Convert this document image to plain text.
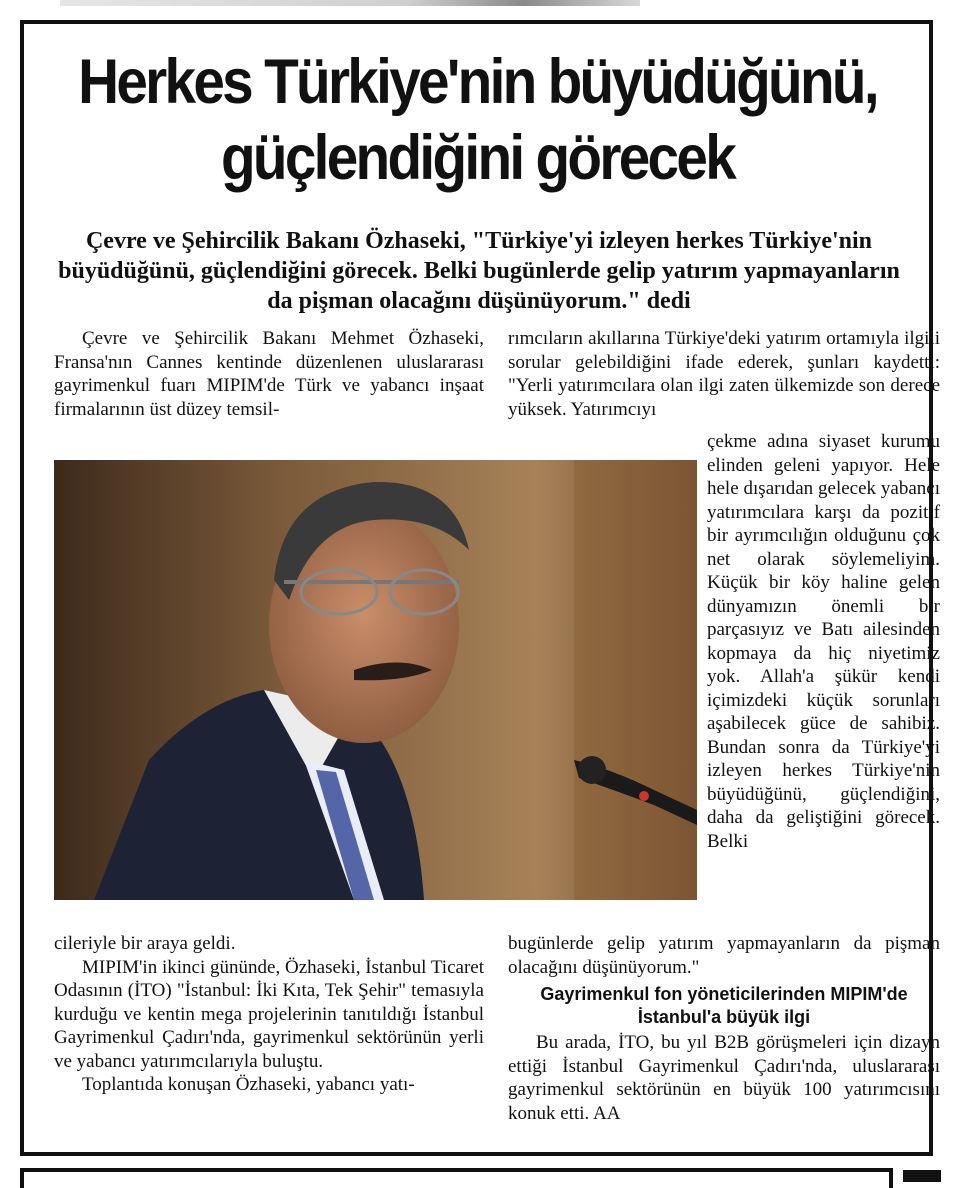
Herkes Türkiye'nin büyüdüğünü, güçlendiğini görecek
Çevre ve Şehircilik Bakanı Özhaseki, "Türkiye'yi izleyen herkes Türkiye'nin büyüdüğünü, güçlendiğini görecek. Belki bugünlerde gelip yatırım yapmayanların da pişman olacağını düşünüyorum." dedi

Çevre ve Şehircilik Bakanı Mehmet Özhaseki, Fransa'nın Cannes kentinde düzenlenen uluslararası gayrimenkul fuarı MIPIM'de Türk ve yabancı inşaat firmalarının üst düzey temsil-

rımcıların akıllarına Türkiye'deki yatırım ortamıyla ilgili sorular gelebildiğini ifade ederek, şunları kaydetti: "Yerli yatırımcılara olan ilgi zaten ülkemizde son derece yüksek. Yatırımcıyı

çekme adına siyaset kurumu elinden geleni yapıyor. Hele hele dışarıdan gelecek yabancı yatırımcılara karşı da pozitif bir ayrımcılığın olduğunu çok net olarak söylemeliyim. Küçük bir köy haline gelen dünyamızın önemli bir parçasıyız ve Batı ailesinden kopmaya da hiç niyetimiz yok. Allah'a şükür kendi içimizdeki küçük sorunları aşabilecek güce de sahibiz. Bundan sonra da Türkiye'yi izleyen herkes Türkiye'nin büyüdüğünü, güçlendiğini, daha da geliştiğini görecek. Belki

cileriyle bir araya geldi.

MIPIM'in ikinci gününde, Özhaseki, İstanbul Ticaret Odasının (İTO) "İstanbul: İki Kıta, Tek Şehir" temasıyla kurduğu ve kentin mega projelerinin tanıtıldığı İstanbul Gayrimenkul Çadırı'nda, gayrimenkul sektörünün yerli ve yabancı yatırımcılarıyla buluştu.

Toplantıda konuşan Özhaseki, yabancı yatı-

bugünlerde gelip yatırım yapmayanların da pişman olacağını düşünüyorum."

Gayrimenkul fon yöneticilerinden MIPIM'de İstanbul'a büyük ilgi

Bu arada, İTO, bu yıl B2B görüşmeleri için dizayn ettiği İstanbul Gayrimenkul Çadırı'nda, uluslararası gayrimenkul sektörünün en büyük 100 yatırımcısını konuk etti. AA
